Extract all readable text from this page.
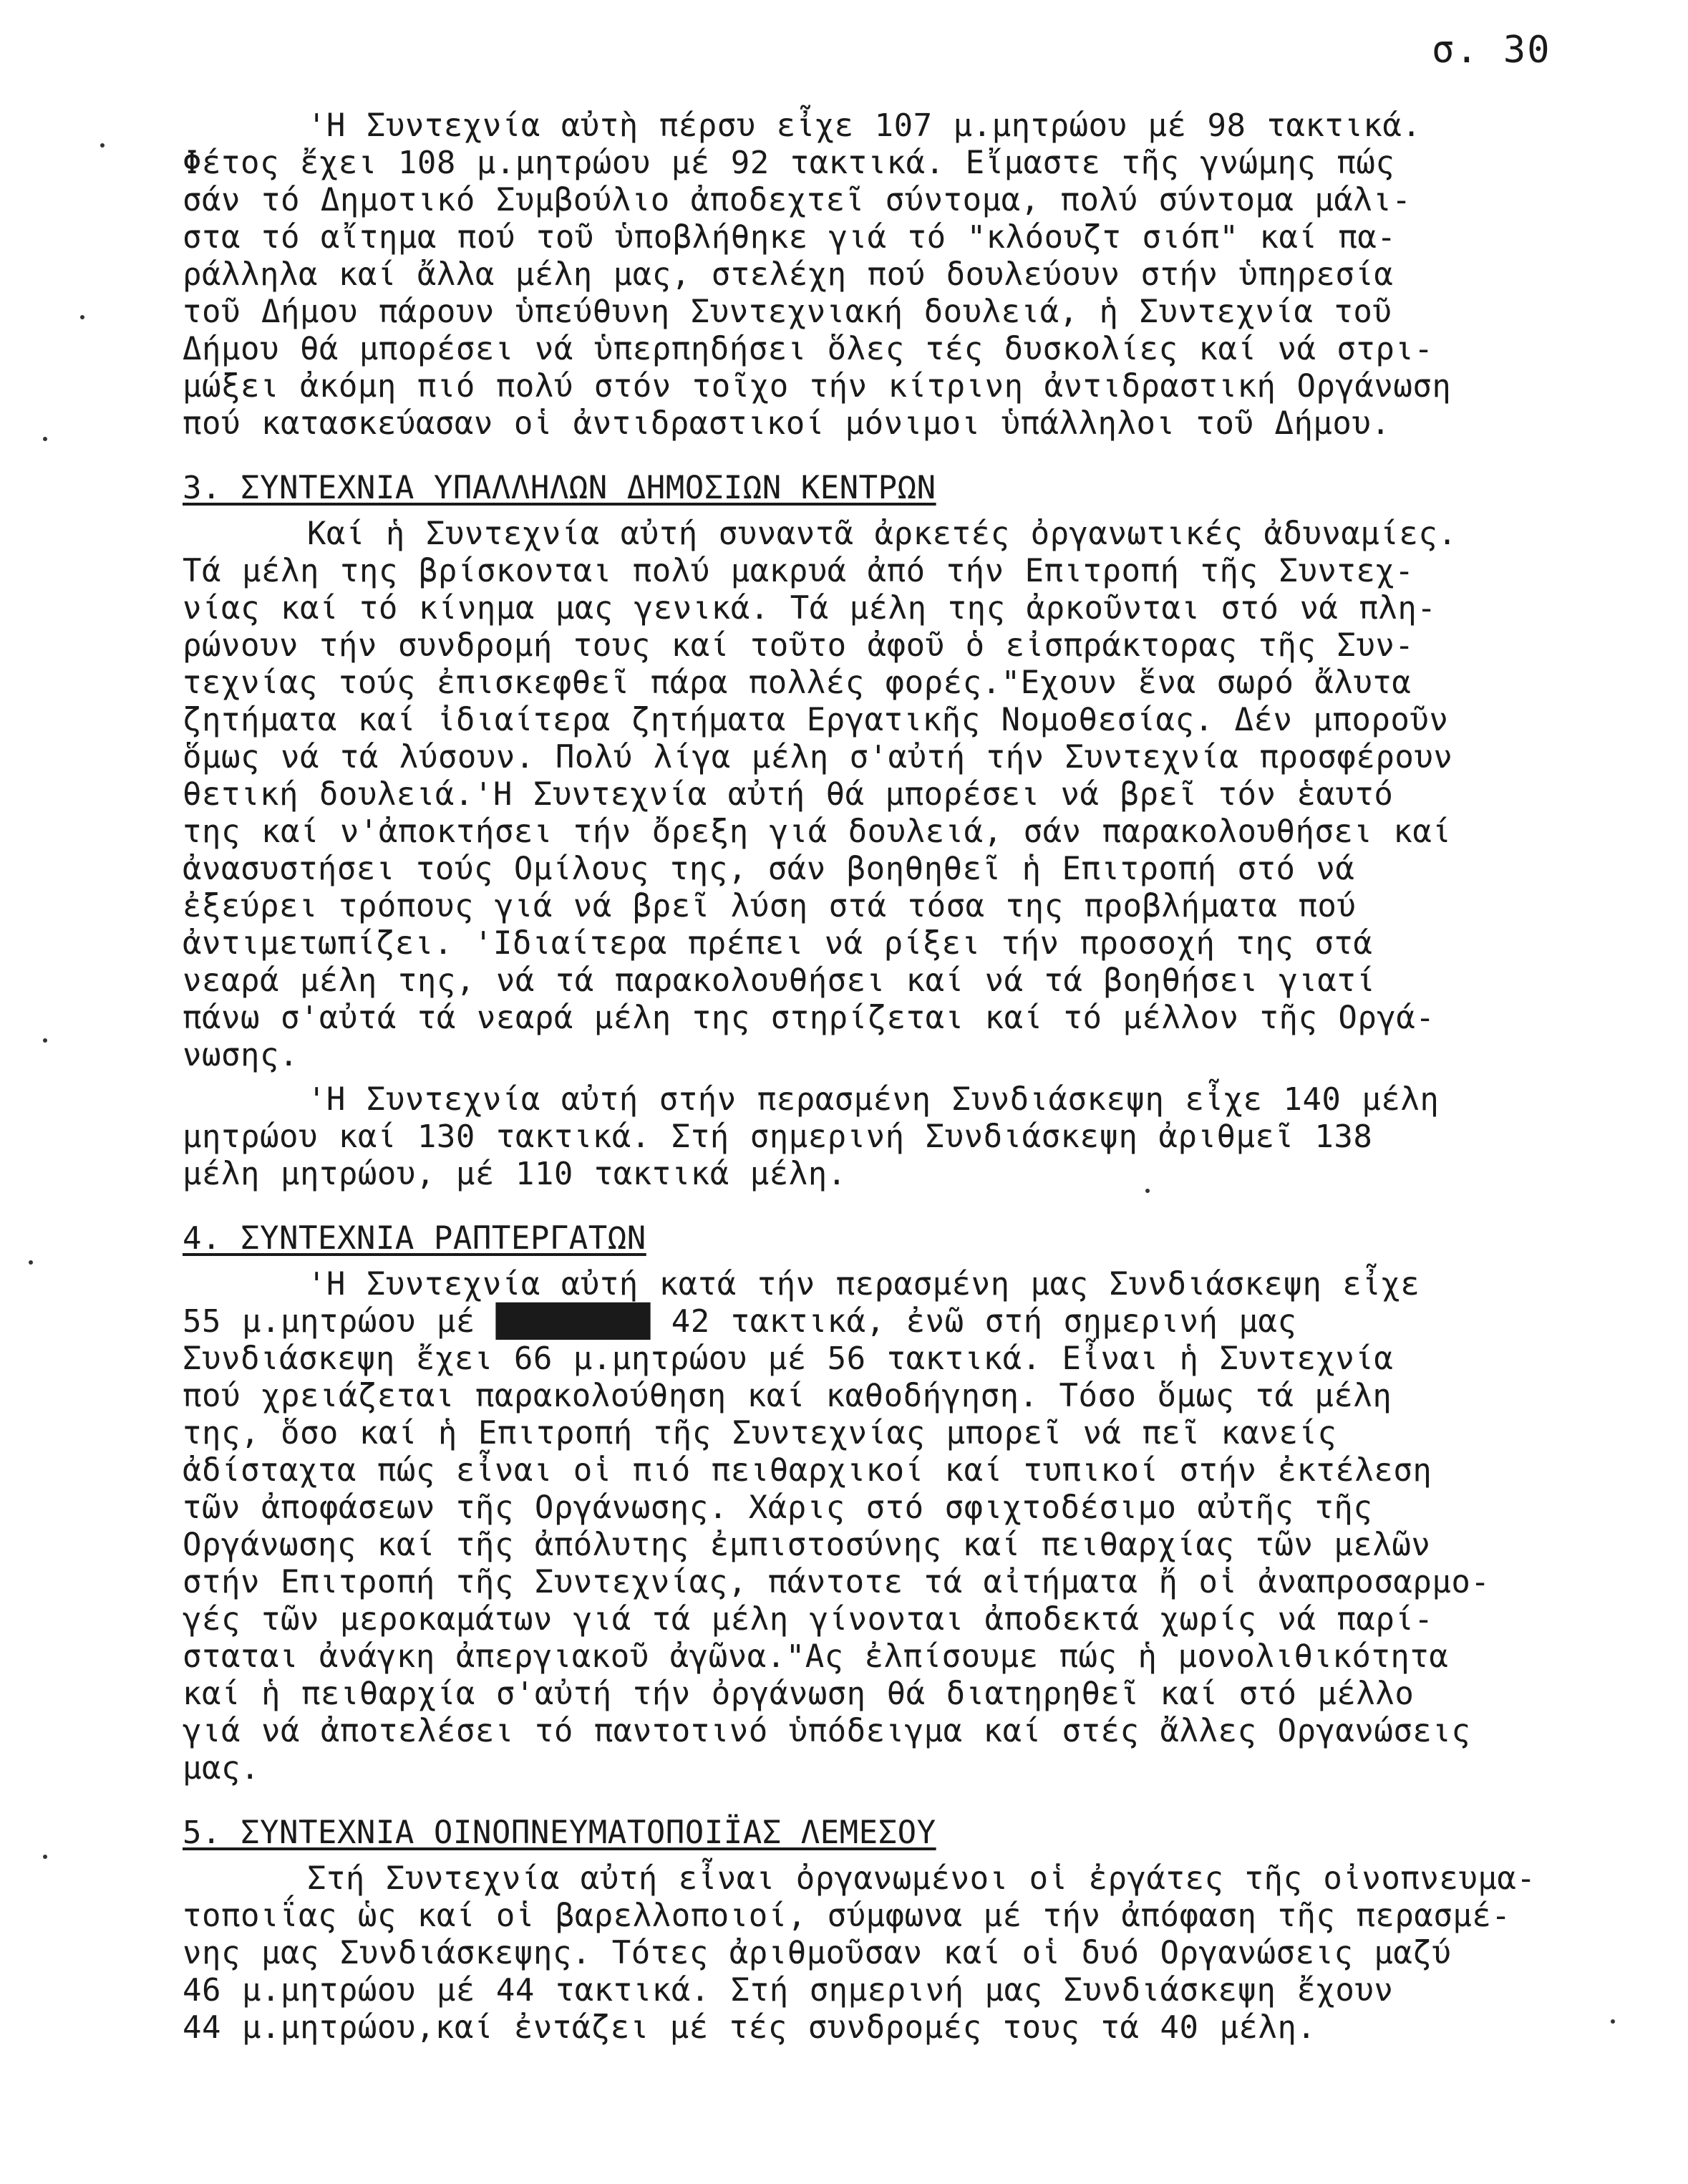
σ. 30
'Η Συντεχνία αὐτὴ πέρσυ εἶχε 107 μ.μητρώου μέ 98 τακτικά.
Φέτος ἔχει 108 μ.μητρώου μέ 92 τακτικά. Εἴμαστε τῆς γνώμης πώς
σάν τό Δημοτικό Συμβούλιο ἀποδεχτεῖ σύντομα, πολύ σύντομα μάλι-
στα τό αἴτημα πού τοῦ ὑποβλήθηκε γιά τό "κλόουζτ σιόπ" καί πα-
ράλληλα καί ἄλλα μέλη μας, στελέχη πού δουλεύουν στήν ὑπηρεσία
τοῦ Δήμου πάρουν ὑπεύθυνη Συντεχνιακή δουλειά, ἡ Συντεχνία τοῦ
Δήμου θά μπορέσει νά ὑπερπηδήσει ὅλες τές δυσκολίες καί νά στρι-
μώξει ἀκόμη πιό πολύ στόν τοῖχο τήν κίτρινη ἀντιδραστική Οργάνωση
πού κατασκεύασαν οἱ ἀντιδραστικοί μόνιμοι ὑπάλληλοι τοῦ Δήμου.
3. ΣΥΝΤΕΧΝΙΑ ΥΠΑΛΛΗΛΩΝ ΔΗΜΟΣΙΩΝ ΚΕΝΤΡΩΝ
Καί ἡ Συντεχνία αὐτή συναντᾶ ἀρκετές ὀργανωτικές ἀδυναμίες.
Τά μέλη της βρίσκονται πολύ μακρυά ἀπό τήν Επιτροπή τῆς Συντεχ-
νίας καί τό κίνημα μας γενικά. Τά μέλη της ἀρκοῦνται στό νά πλη-
ρώνουν τήν συνδρομή τους καί τοῦτο ἀφοῦ ὁ εἰσπράκτορας τῆς Συν-
τεχνίας τούς ἐπισκεφθεῖ πάρα πολλές φορές."Εχουν ἕνα σωρό ἄλυτα
ζητήματα καί ἰδιαίτερα ζητήματα Εργατικῆς Νομοθεσίας. Δέν μποροῦν
ὅμως νά τά λύσουν. Πολύ λίγα μέλη σ'αὐτή τήν Συντεχνία προσφέρουν
θετική δουλειά.'Η Συντεχνία αὐτή θά μπορέσει νά βρεῖ τόν ἑαυτό
της καί ν'ἀποκτήσει τήν ὄρεξη γιά δουλειά, σάν παρακολουθήσει καί
ἀνασυστήσει τούς Ομίλους της, σάν βοηθηθεῖ ἡ Επιτροπή στό νά
ἐξεύρει τρόπους γιά νά βρεῖ λύση στά τόσα της προβλήματα πού
ἀντιμετωπίζει. 'Ιδιαίτερα πρέπει νά ρίξει τήν προσοχή της στά
νεαρά μέλη της, νά τά παρακολουθήσει καί νά τά βοηθήσει γιατί
πάνω σ'αὐτά τά νεαρά μέλη της στηρίζεται καί τό μέλλον τῆς Οργά-
νωσης.
'Η Συντεχνία αὐτή στήν περασμένη Συνδιάσκεψη εἶχε 140 μέλη
μητρώου καί 130 τακτικά. Στή σημερινή Συνδιάσκεψη ἀριθμεῖ 138
μέλη μητρώου, μέ 110 τακτικά μέλη.
4. ΣΥΝΤΕΧΝΙΑ ΡΑΠΤΕΡΓΑΤΩΝ
'Η Συντεχνία αὐτή κατά τήν περασμένη μας Συνδιάσκεψη εἶχε
55 μ.μητρώου μέ ████████ 42 τακτικά, ἐνῶ στή σημερινή μας
Συνδιάσκεψη ἔχει 66 μ.μητρώου μέ 56 τακτικά. Εἶναι ἡ Συντεχνία
πού χρειάζεται παρακολούθηση καί καθοδήγηση. Τόσο ὅμως τά μέλη
της, ὅσο καί ἡ Επιτροπή τῆς Συντεχνίας μπορεῖ νά πεῖ κανείς
ἀδίσταχτα πώς εἶναι οἱ πιό πειθαρχικοί καί τυπικοί στήν ἐκτέλεση
τῶν ἀποφάσεων τῆς Οργάνωσης. Χάρις στό σφιχτοδέσιμο αὐτῆς τῆς
Οργάνωσης καί τῆς ἀπόλυτης ἐμπιστοσύνης καί πειθαρχίας τῶν μελῶν
στήν Επιτροπή τῆς Συντεχνίας, πάντοτε τά αἰτήματα ἤ οἱ ἀναπροσαρμο-
γές τῶν μεροκαμάτων γιά τά μέλη γίνονται ἀποδεκτά χωρίς νά παρί-
σταται ἀνάγκη ἀπεργιακοῦ ἀγῶνα."Ας ἐλπίσουμε πώς ἡ μονολιθικότητα
καί ἡ πειθαρχία σ'αὐτή τήν ὀργάνωση θά διατηρηθεῖ καί στό μέλλο
γιά νά ἀποτελέσει τό παντοτινό ὑπόδειγμα καί στές ἄλλες Οργανώσεις
μας.
5. ΣΥΝΤΕΧΝΙΑ ΟΙΝΟΠΝΕΥΜΑΤΟΠΟΙΪΑΣ ΛΕΜΕΣΟΥ
Στή Συντεχνία αὐτή εἶναι ὀργανωμένοι οἱ ἐργάτες τῆς οἰνοπνευμα-
τοποιΐας ὡς καί οἱ βαρελλοποιοί, σύμφωνα μέ τήν ἀπόφαση τῆς περασμέ-
νης μας Συνδιάσκεψης. Τότες ἀριθμοῦσαν καί οἱ δυό Οργανώσεις μαζύ
46 μ.μητρώου μέ 44 τακτικά. Στή σημερινή μας Συνδιάσκεψη ἔχουν
44 μ.μητρώου,καί ἐντάζει μέ τές συνδρομές τους τά 40 μέλη.
